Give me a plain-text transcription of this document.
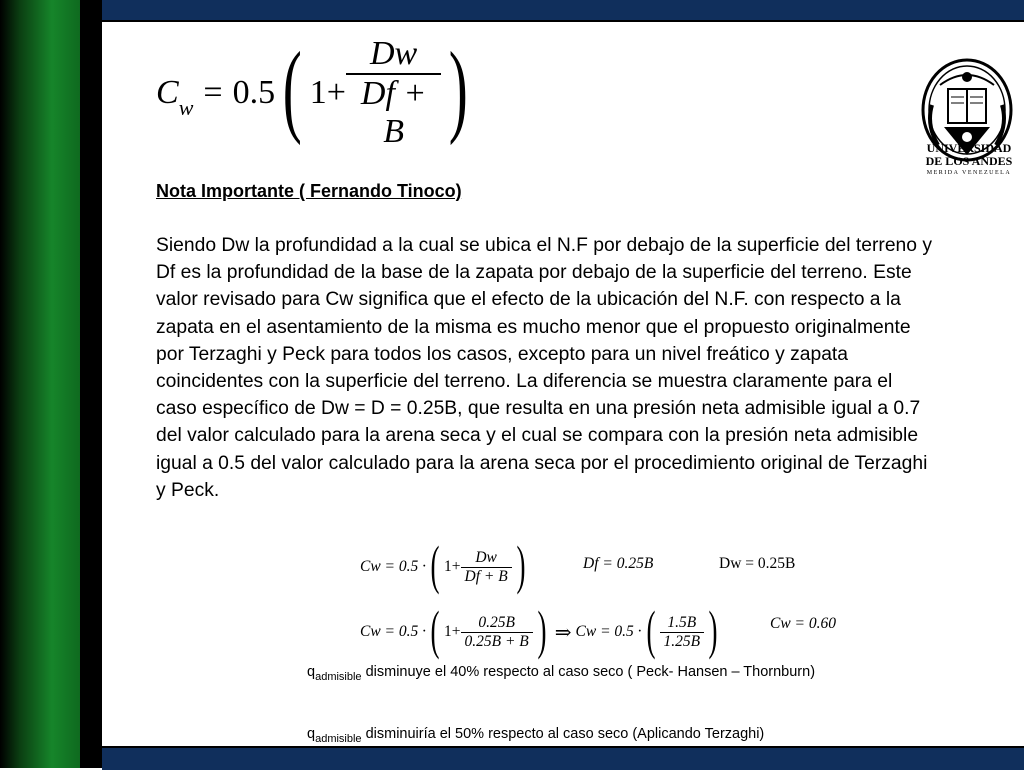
$C_w = 0.5$ ( $1+ \frac{Dw}{Df + B}$ )
UNIVERSIDAD
DE LOS ANDES
MERIDA VENEZUELA

Nota Importante ( Fernando Tinoco)

Siendo Dw la profundidad a la cual se ubica el N.F por debajo de la superficie del terreno y Df es la profundidad de la base de la zapata por debajo de la superficie del terreno. Este valor revisado para Cw significa que el efecto de la ubicación del N.F. con respecto a la zapata en el asentamiento de la misma es mucho menor que el propuesto originalmente por Terzaghi y Peck para todos los casos, excepto para un nivel freático y zapata coincidentes con la superficie del terreno. La diferencia se muestra claramente para el caso específico de Dw = D = 0.25B, que resulta en una presión neta admisible igual a 0.7 del valor calculado para la arena seca y el cual se compara con la presión neta admisible igual a 0.5 del valor calculado para la arena seca por el procedimiento original de Terzaghi y Peck.

Cw = 0.5 · ( $1+ \frac{Dw}{Df + B}$ )	Df = 0.25B	Dw = 0.25B
Cw = 0.5 · ( $1+ \frac{0.25B}{0.25B + B}$ ) ⇒ Cw = 0.5 · ( $\frac{1.5B}{1.25B}$ )	Cw = 0.60

$q_{admisible}$ disminuye el 40% respecto al caso seco ( Peck- Hansen – Thornburn)

$q_{admisible}$ disminuiría el 50% respecto al caso seco (Aplicando Terzaghi)
